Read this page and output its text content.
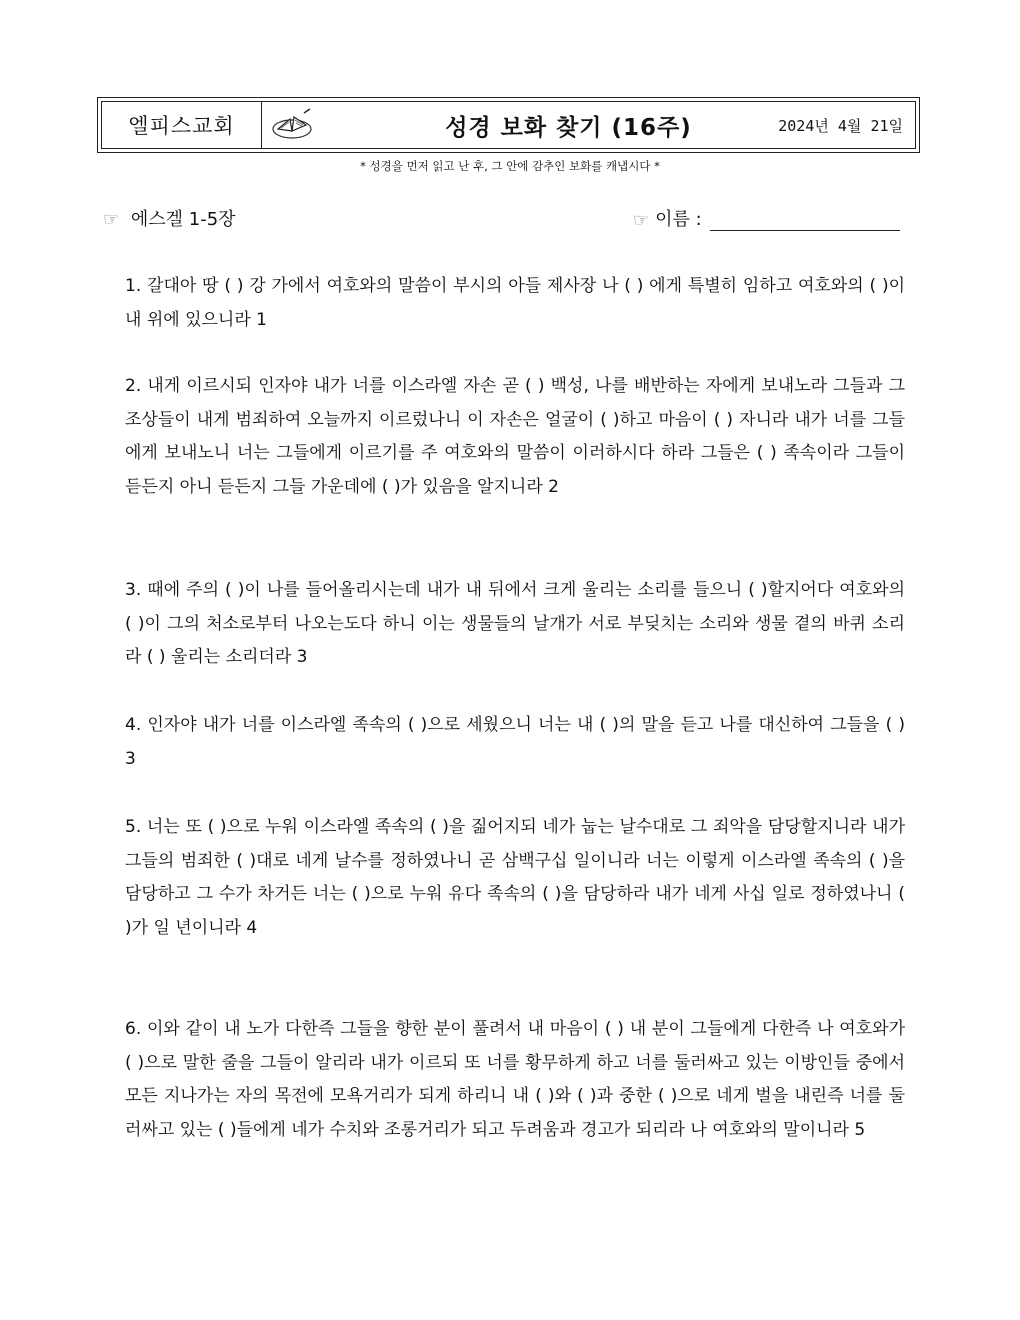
엘피스교회	성경 보화 찾기 (16주)	2024년 4월 21일
* 성경을 먼저 읽고 난 후, 그 안에 감추인 보화를 캐냅시다 *
☞ 에스겔 1-5장	☞ 이름 :
1. 갈대아 땅 ( ) 강 가에서 여호와의 말씀이 부시의 아들 제사장 나 ( ) 에게 특별히 임하고 여호와의 ( )이 내 위에 있으니라 1
2. 내게 이르시되 인자야 내가 너를 이스라엘 자손 곧 ( ) 백성, 나를 배반하는 자에게 보내노라 그들과 그 조상들이 내게 범죄하여 오늘까지 이르렀나니 이 자손은 얼굴이 ( )하고 마음이 ( ) 자니라 내가 너를 그들에게 보내노니 너는 그들에게 이르기를 주 여호와의 말씀이 이러하시다 하라 그들은 ( ) 족속이라 그들이 듣든지 아니 듣든지 그들 가운데에 ( )가 있음을 알지니라 2
3. 때에 주의 ( )이 나를 들어올리시는데 내가 내 뒤에서 크게 울리는 소리를 들으니 ( )할지어다 여호와의 ( )이 그의 처소로부터 나오는도다 하니 이는 생물들의 날개가 서로 부딪치는 소리와 생물 곁의 바퀴 소리라 ( ) 울리는 소리더라 3
4. 인자야 내가 너를 이스라엘 족속의 ( )으로 세웠으니 너는 내 ( )의 말을 듣고 나를 대신하여 그들을 ( ) 3
5. 너는 또 ( )으로 누워 이스라엘 족속의 ( )을 짊어지되 네가 눕는 날수대로 그 죄악을 담당할지니라 내가 그들의 범죄한 ( )대로 네게 날수를 정하였나니 곧 삼백구십 일이니라 너는 이렇게 이스라엘 족속의 ( )을 담당하고 그 수가 차거든 너는 ( )으로 누워 유다 족속의 ( )을 담당하라 내가 네게 사십 일로 정하였나니 ( )가 일 년이니라 4
6. 이와 같이 내 노가 다한즉 그들을 향한 분이 풀려서 내 마음이 ( ) 내 분이 그들에게 다한즉 나 여호와가 ( )으로 말한 줄을 그들이 알리라 내가 이르되 또 너를 황무하게 하고 너를 둘러싸고 있는 이방인들 중에서 모든 지나가는 자의 목전에 모욕거리가 되게 하리니 내 ( )와 ( )과 중한 ( )으로 네게 벌을 내린즉 너를 둘러싸고 있는 ( )들에게 네가 수치와 조롱거리가 되고 두려움과 경고가 되리라 나 여호와의 말이니라 5
